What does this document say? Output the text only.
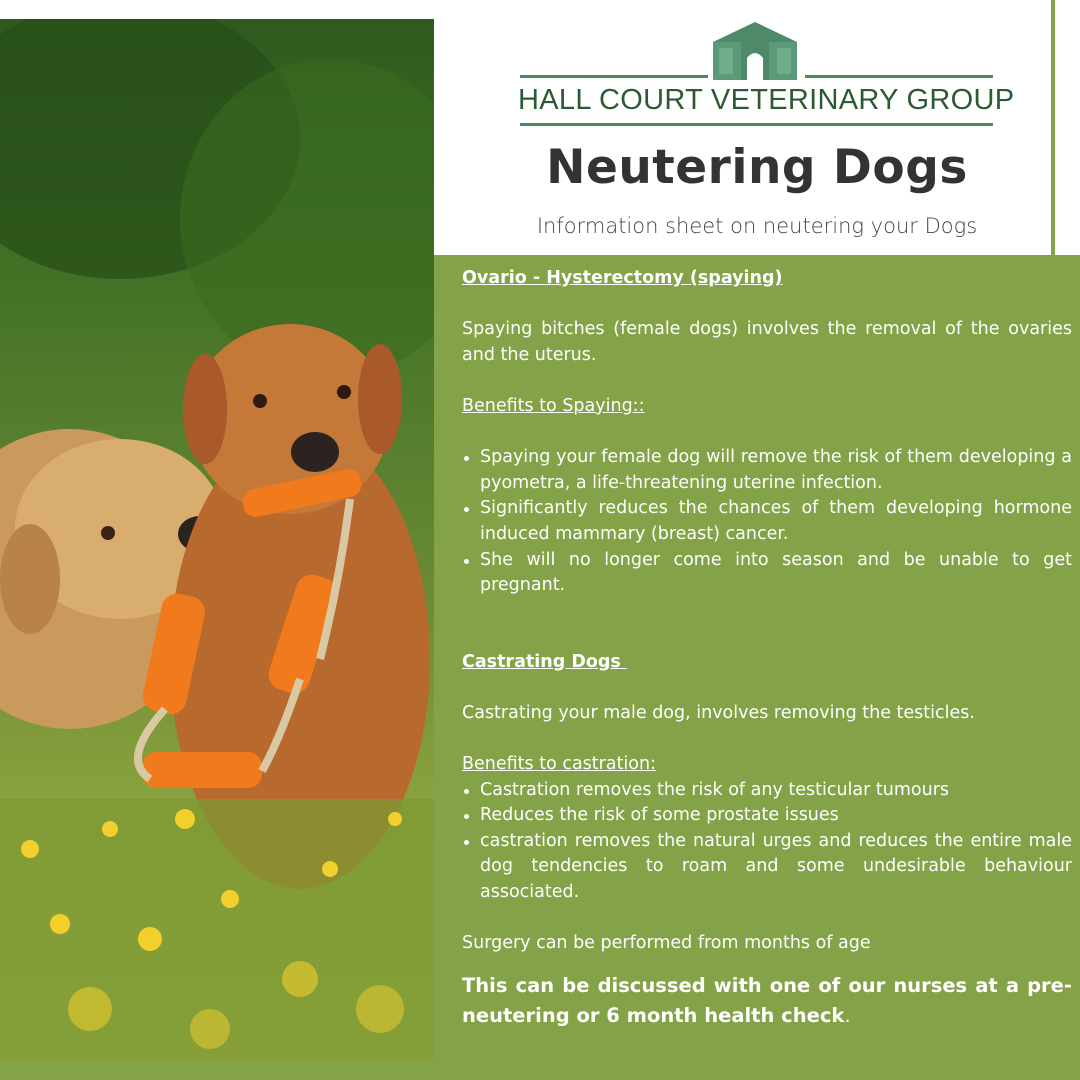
HALL COURT VETERINARY GROUP
Neutering Dogs
Information sheet on neutering your Dogs
Ovario - Hysterectomy (spaying)

Spaying bitches (female dogs) involves the removal of the ovaries and the uterus.

Benefits to Spaying::
Spaying your female dog will remove the risk of them developing a pyometra, a life-threatening uterine infection.
Significantly reduces the chances of them developing hormone induced mammary (breast) cancer.
She will no longer come into season and be unable to get pregnant.
Castrating Dogs

Castrating your male dog, involves removing the testicles.

Benefits to castration:
Castration removes the risk of any testicular tumours
Reduces the risk of some prostate issues
castration removes the natural urges and reduces the entire male dog tendencies to roam and some undesirable behaviour associated.

Surgery can be performed from months of age

This can be discussed with one of our nurses at a pre-neutering or 6 month health check.
